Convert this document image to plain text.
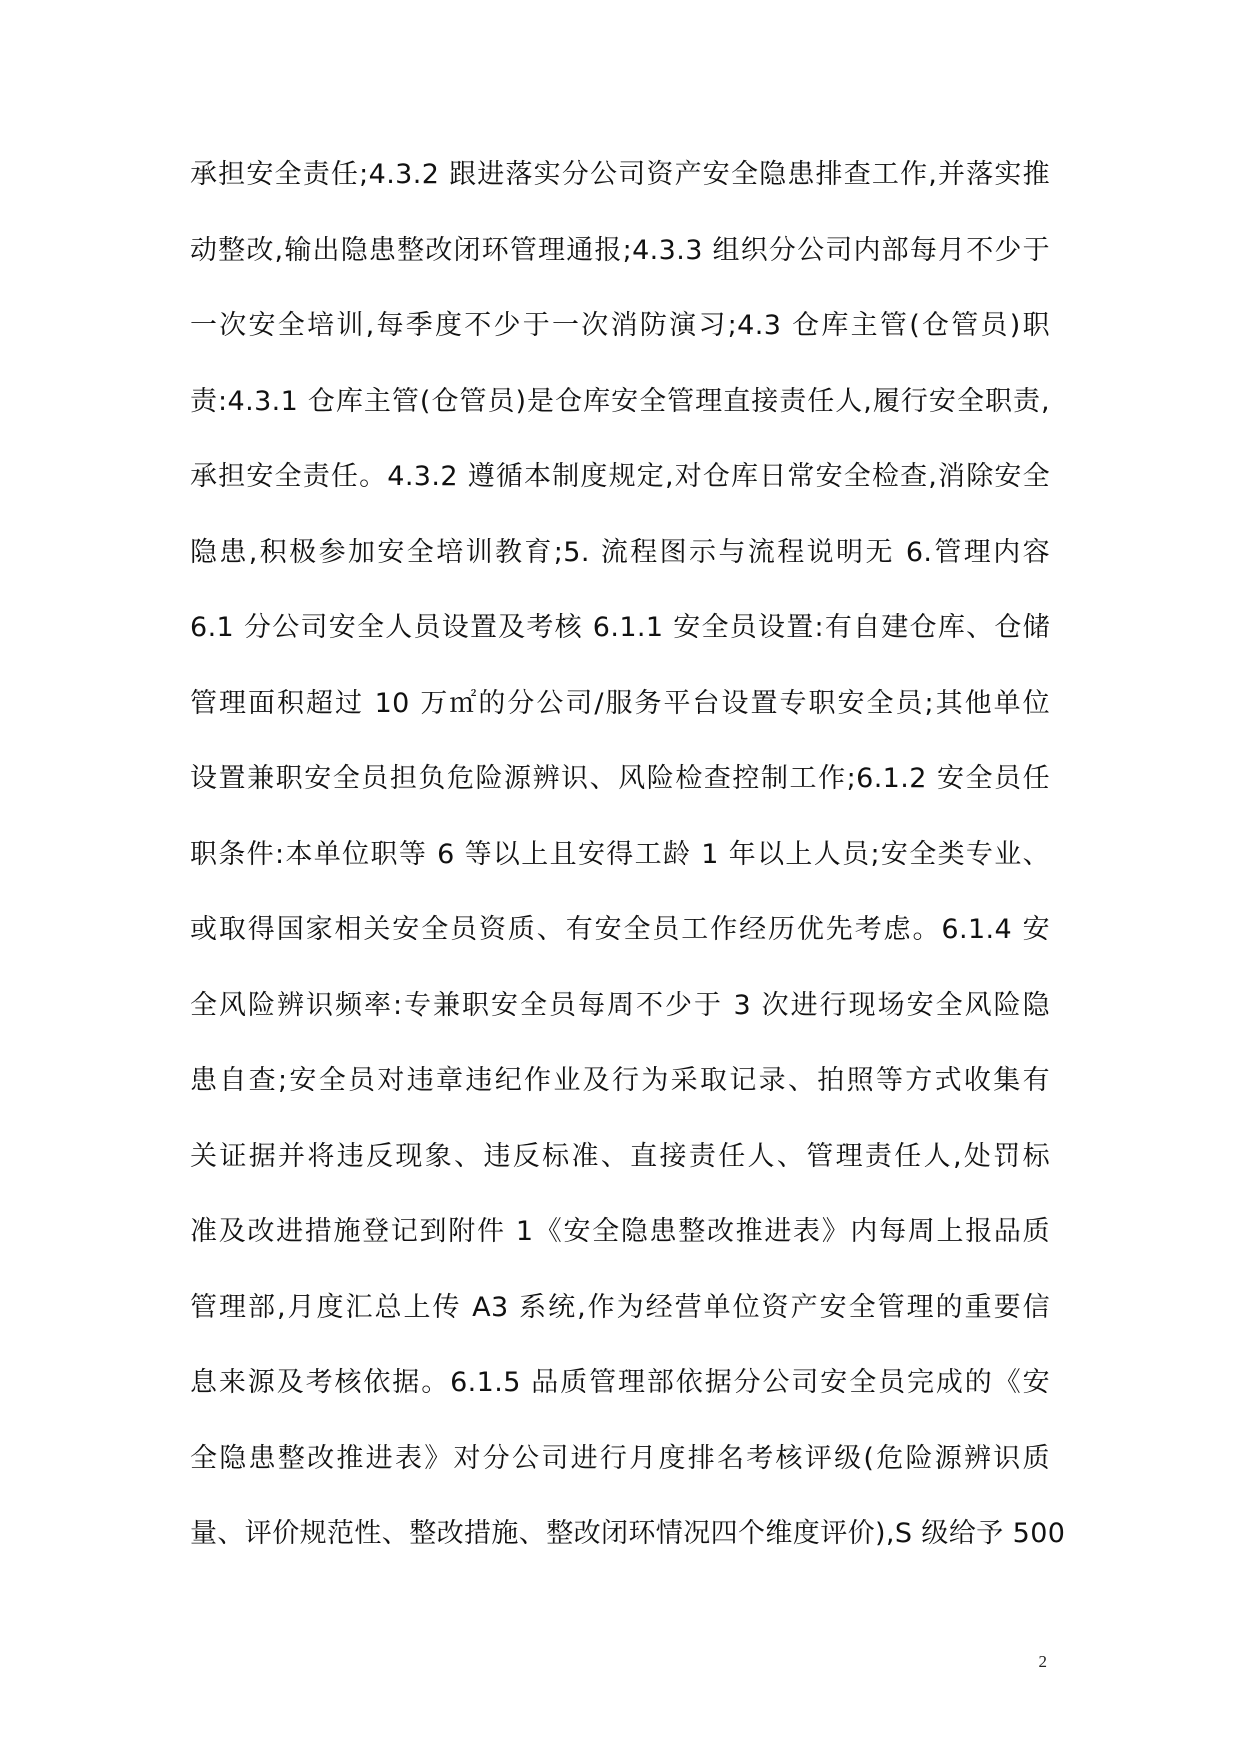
承担安全责任;4.3.2 跟进落实分公司资产安全隐患排查工作,并落实推
动整改,输出隐患整改闭环管理通报;4.3.3 组织分公司内部每月不少于
一次安全培训,每季度不少于一次消防演习;4.3 仓库主管(仓管员)职
责:4.3.1 仓库主管(仓管员)是仓库安全管理直接责任人,履行安全职责,
承担安全责任。4.3.2 遵循本制度规定,对仓库日常安全检查,消除安全
隐患,积极参加安全培训教育;5. 流程图示与流程说明无 6.管理内容
6.1 分公司安全人员设置及考核 6.1.1 安全员设置:有自建仓库、仓储
管理面积超过 10 万㎡的分公司/服务平台设置专职安全员;其他单位
设置兼职安全员担负危险源辨识、风险检查控制工作;6.1.2 安全员任
职条件:本单位职等 6 等以上且安得工龄 1 年以上人员;安全类专业、
或取得国家相关安全员资质、有安全员工作经历优先考虑。6.1.4 安
全风险辨识频率:专兼职安全员每周不少于 3 次进行现场安全风险隐
患自查;安全员对违章违纪作业及行为采取记录、拍照等方式收集有
关证据并将违反现象、违反标准、直接责任人、管理责任人,处罚标
准及改进措施登记到附件 1《安全隐患整改推进表》内每周上报品质
管理部,月度汇总上传 A3 系统,作为经营单位资产安全管理的重要信
息来源及考核依据。6.1.5 品质管理部依据分公司安全员完成的《安
全隐患整改推进表》对分公司进行月度排名考核评级(危险源辨识质
量、评价规范性、整改措施、整改闭环情况四个维度评价),S 级给予 500
2
